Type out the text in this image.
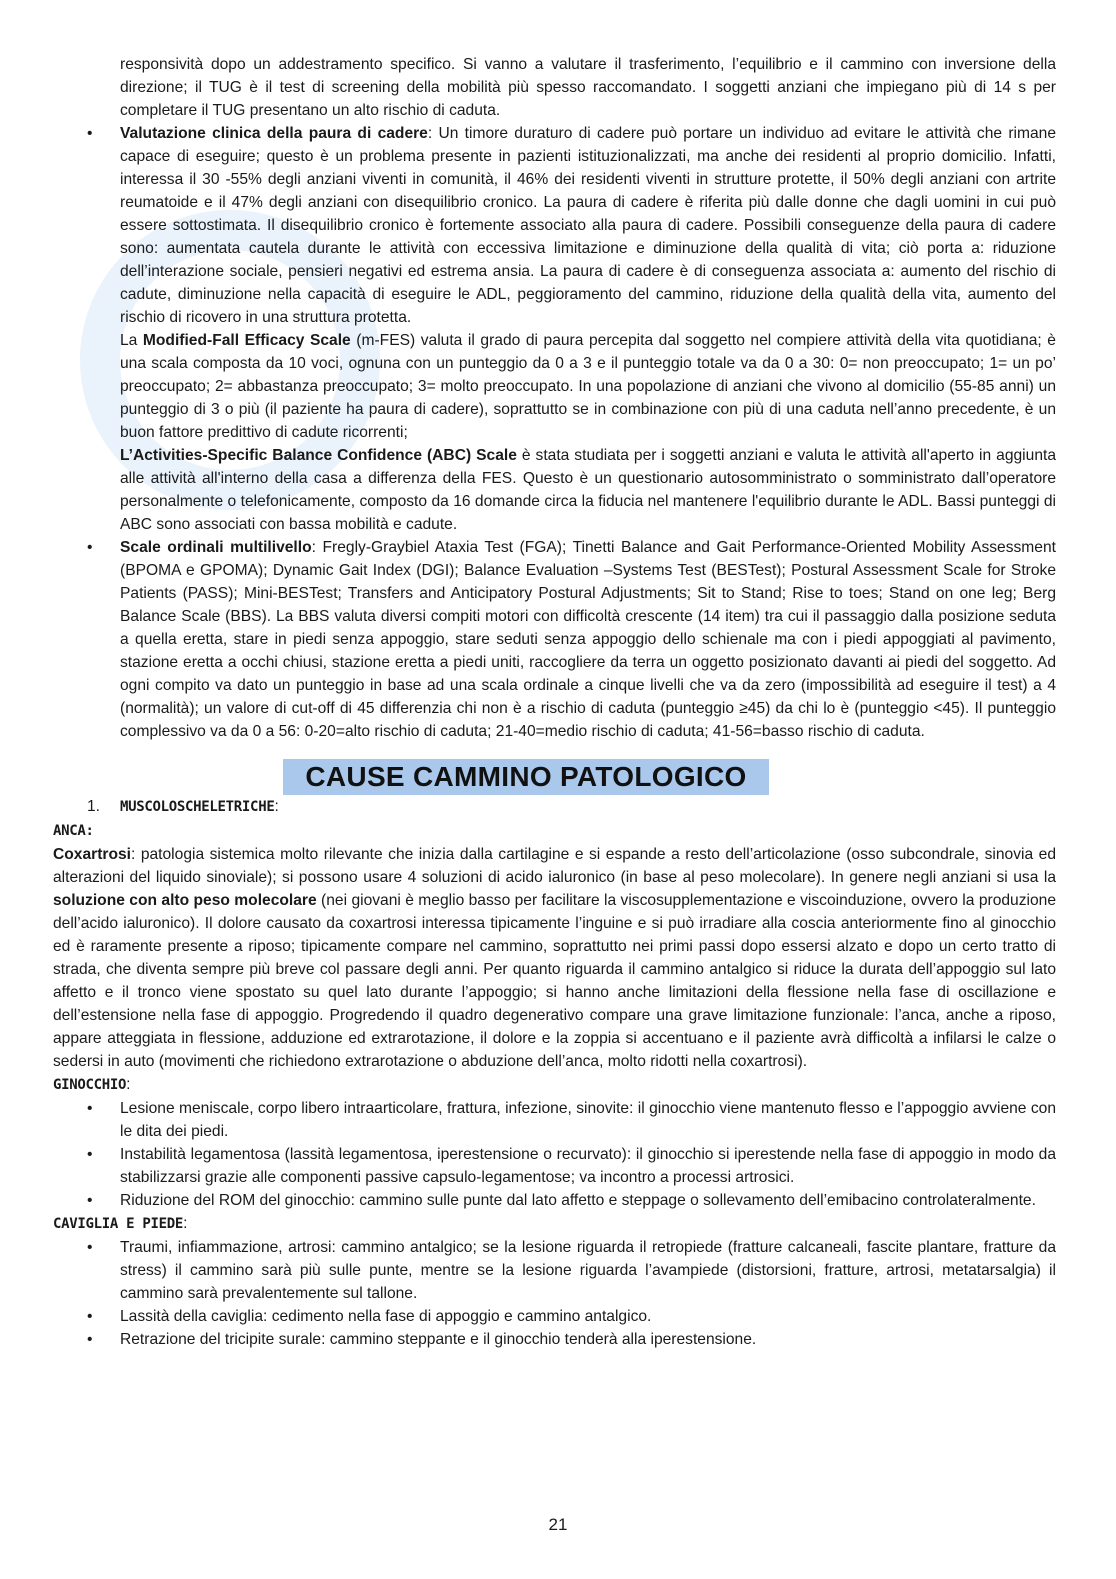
responsività dopo un addestramento specifico. Si vanno a valutare il trasferimento, l’equilibrio e il cammino con inversione della direzione; il TUG è il test di screening della mobilità più spesso raccomandato. I soggetti anziani che impiegano più di 14 s per completare il TUG presentano un alto rischio di caduta.

• Valutazione clinica della paura di cadere: Un timore duraturo di cadere può portare un individuo ad evitare le attività che rimane capace di eseguire; questo è un problema presente in pazienti istituzionalizzati, ma anche dei residenti al proprio domicilio. Infatti, interessa il 30 -55% degli anziani viventi in comunità, il 46% dei residenti viventi in strutture protette, il 50% degli anziani con artrite reumatoide e il 47% degli anziani con disequilibrio cronico. La paura di cadere è riferita più dalle donne che dagli uomini in cui può essere sottostimata. Il disequilibrio cronico è fortemente associato alla paura di cadere. Possibili conseguenze della paura di cadere sono: aumentata cautela durante le attività con eccessiva limitazione e diminuzione della qualità di vita; ciò porta a: riduzione dell’interazione sociale, pensieri negativi ed estrema ansia. La paura di cadere è di conseguenza associata a: aumento del rischio di cadute, diminuzione nella capacità di eseguire le ADL, peggioramento del cammino, riduzione della qualità della vita, aumento del rischio di ricovero in una struttura protetta.

La Modified-Fall Efficacy Scale (m-FES) valuta il grado di paura percepita dal soggetto nel compiere attività della vita quotidiana; è una scala composta da 10 voci, ognuna con un punteggio da 0 a 3 e il punteggio totale va da 0 a 30: 0= non preoccupato; 1= un po’ preoccupato; 2= abbastanza preoccupato; 3= molto preoccupato. In una popolazione di anziani che vivono al domicilio (55-85 anni) un punteggio di 3 o più (il paziente ha paura di cadere), soprattutto se in combinazione con più di una caduta nell’anno precedente, è un buon fattore predittivo di cadute ricorrenti;

L’Activities-Specific Balance Confidence (ABC) Scale è stata studiata per i soggetti anziani e valuta le attività all'aperto in aggiunta alle attività all'interno della casa a differenza della FES. Questo è un questionario autosomministrato o somministrato dall’operatore personalmente o telefonicamente, composto da 16 domande circa la fiducia nel mantenere l'equilibrio durante le ADL. Bassi punteggi di ABC sono associati con bassa mobilità e cadute.

• Scale ordinali multilivello: Fregly-Graybiel Ataxia Test (FGA); Tinetti Balance and Gait Performance-Oriented Mobility Assessment (BPOMA e GPOMA); Dynamic Gait Index (DGI); Balance Evaluation –Systems Test (BESTest); Postural Assessment Scale for Stroke Patients (PASS); Mini-BESTest; Transfers and Anticipatory Postural Adjustments; Sit to Stand; Rise to toes; Stand on one leg; Berg Balance Scale (BBS). La BBS valuta diversi compiti motori con difficoltà crescente (14 item) tra cui il passaggio dalla posizione seduta a quella eretta, stare in piedi senza appoggio, stare seduti senza appoggio dello schienale ma con i piedi appoggiati al pavimento, stazione eretta a occhi chiusi, stazione eretta a piedi uniti, raccogliere da terra un oggetto posizionato davanti ai piedi del soggetto. Ad ogni compito va dato un punteggio in base ad una scala ordinale a cinque livelli che va da zero (impossibilità ad eseguire il test) a 4 (normalità); un valore di cut-off di 45 differenzia chi non è a rischio di caduta (punteggio ≥45) da chi lo è (punteggio <45). Il punteggio complessivo va da 0 a 56: 0-20=alto rischio di caduta; 21-40=medio rischio di caduta; 41-56=basso rischio di caduta.

CAUSE CAMMINO PATOLOGICO

1. MUSCOLOSCHELETRICHE:

ANCA:

Coxartrosi: patologia sistemica molto rilevante che inizia dalla cartilagine e si espande a resto dell’articolazione (osso subcondrale, sinovia ed alterazioni del liquido sinoviale); si possono usare 4 soluzioni di acido ialuronico (in base al peso molecolare). In genere negli anziani si usa la soluzione con alto peso molecolare (nei giovani è meglio basso per facilitare la viscosupplementazione e viscoinduzione, ovvero la produzione dell’acido ialuronico). Il dolore causato da coxartrosi interessa tipicamente l’inguine e si può irradiare alla coscia anteriormente fino al ginocchio ed è raramente presente a riposo; tipicamente compare nel cammino, soprattutto nei primi passi dopo essersi alzato e dopo un certo tratto di strada, che diventa sempre più breve col passare degli anni. Per quanto riguarda il cammino antalgico si riduce la durata dell’appoggio sul lato affetto e il tronco viene spostato su quel lato durante l’appoggio; si hanno anche limitazioni della flessione nella fase di oscillazione e dell’estensione nella fase di appoggio. Progredendo il quadro degenerativo compare una grave limitazione funzionale: l’anca, anche a riposo, appare atteggiata in flessione, adduzione ed extrarotazione, il dolore e la zoppia si accentuano e il paziente avrà difficoltà a infilarsi le calze o sedersi in auto (movimenti che richiedono extrarotazione o abduzione dell’anca, molto ridotti nella coxartrosi).

GINOCCHIO:

• Lesione meniscale, corpo libero intraarticolare, frattura, infezione, sinovite: il ginocchio viene mantenuto flesso e l’appoggio avviene con le dita dei piedi.

• Instabilità legamentosa (lassità legamentosa, iperestensione o recurvato): il ginocchio si iperestende nella fase di appoggio in modo da stabilizzarsi grazie alle componenti passive capsulo-legamentose; va incontro a processi artrosici.

• Riduzione del ROM del ginocchio: cammino sulle punte dal lato affetto e steppage o sollevamento dell’emibacino controlateralmente.

CAVIGLIA E PIEDE:

• Traumi, infiammazione, artrosi: cammino antalgico; se la lesione riguarda il retropiede (fratture calcaneali, fascite plantare, fratture da stress) il cammino sarà più sulle punte, mentre se la lesione riguarda l’avampiede (distorsioni, fratture, artrosi, metatarsalgia) il cammino sarà prevalentemente sul tallone.

• Lassità della caviglia: cedimento nella fase di appoggio e cammino antalgico.

• Retrazione del tricipite surale: cammino steppante e il ginocchio tenderà alla iperestensione.

21
